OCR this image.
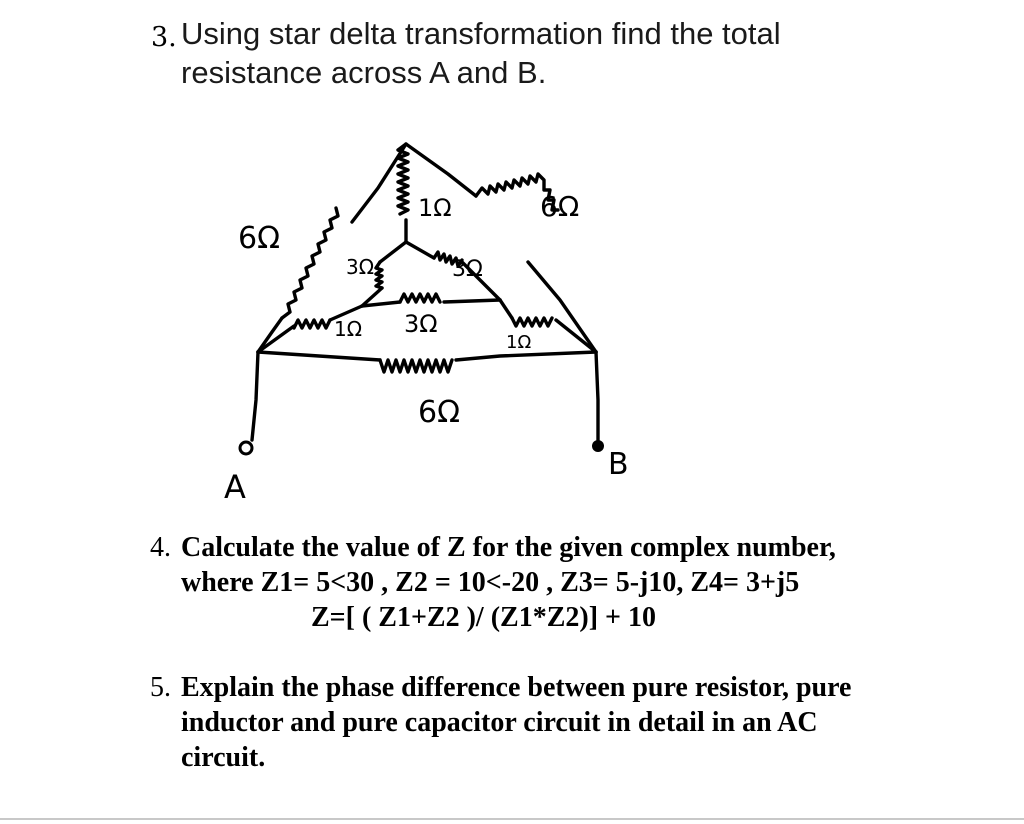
3. Using star delta transformation find the total
resistance across A and B.
6Ω
1Ω	6Ω
3Ω	3Ω
1Ω 3Ω
1Ω
6Ω
A
B
4. Calculate the value of Z for the given complex number,
where Z1= 5<30 , Z2 = 10<-20 , Z3= 5-j10, Z4= 3+j5
Z=[ ( Z1+Z2 )/ (Z1*Z2)] + 10
5. Explain the phase difference between pure resistor, pure
inductor and pure capacitor circuit in detail in an AC
circuit.
